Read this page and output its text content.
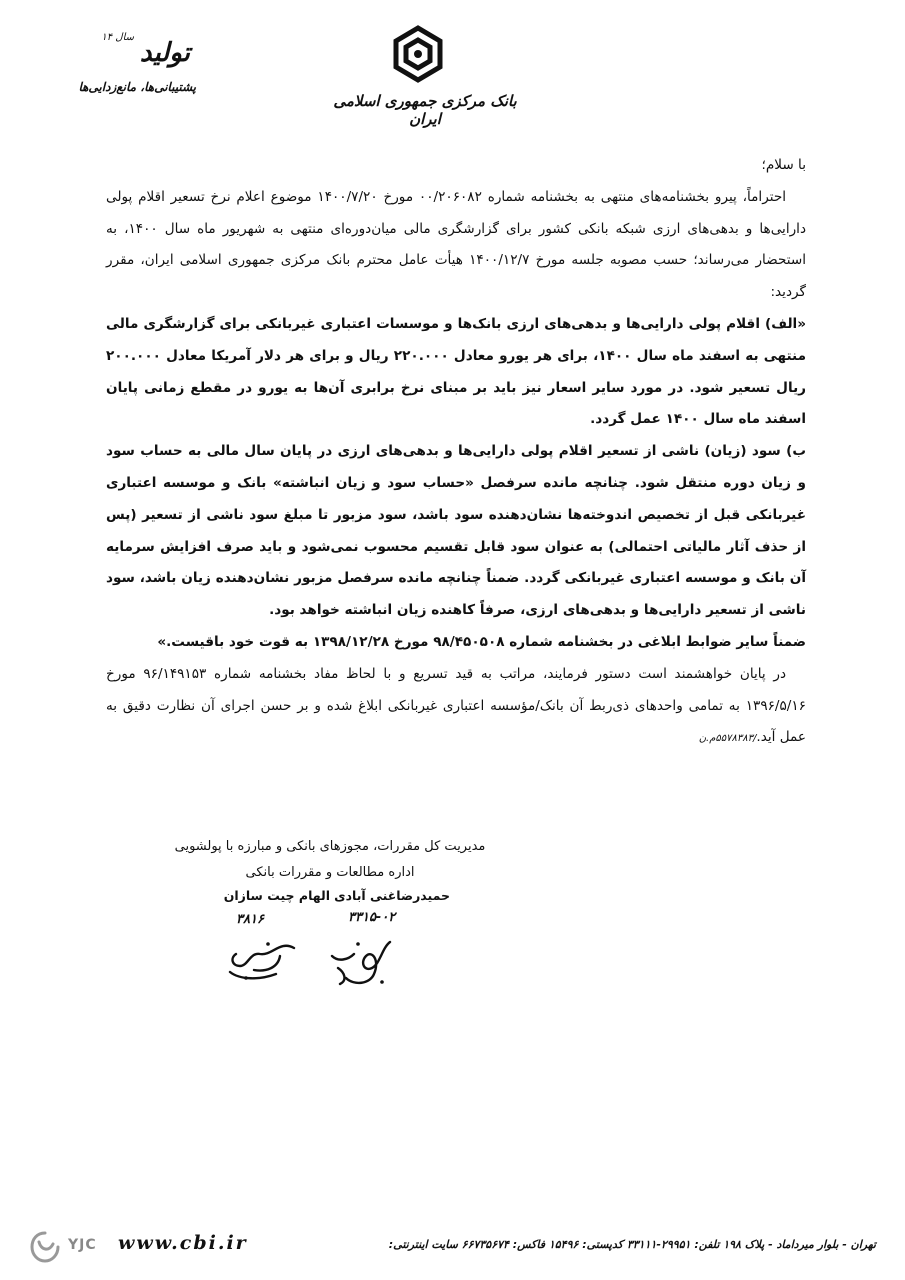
بانک مرکزی جمهوری اسلامی ایران
سال ۱۴
تولید
پشتیبانی‌ها، مانع‌زدایی‌ها

با سلام؛

احتراماً، پیرو بخشنامه‌های منتهی به بخشنامه شماره ۰۰/۲۰۶۰۸۲ مورخ ۱۴۰۰/۷/۲۰ موضوع اعلام نرخ تسعیر اقلام پولی دارایی‌ها و بدهی‌های ارزی شبکه بانکی کشور برای گزارشگری مالی میان‌دوره‌ای منتهی به شهریور ماه سال ۱۴۰۰، به استحضار می‌رساند؛ حسب مصوبه جلسه مورخ ۱۴۰۰/۱۲/۷ هیأت عامل محترم بانک مرکزی جمهوری اسلامی ایران، مقرر گردید:

«الف) اقلام پولی دارایی‌ها و بدهی‌های ارزی بانک‌ها و موسسات اعتباری غیربانکی برای گزارشگری مالی منتهی به اسفند ماه سال ۱۴۰۰، برای هر یورو معادل ۲۲۰.۰۰۰ ریال و برای هر دلار آمریکا معادل ۲۰۰.۰۰۰ ریال تسعیر شود. در مورد سایر اسعار نیز باید بر مبنای نرخ برابری آن‌ها به یورو در مقطع زمانی پایان اسفند ماه سال ۱۴۰۰ عمل گردد.

ب) سود (زیان) ناشی از تسعیر اقلام پولی دارایی‌ها و بدهی‌های ارزی در پایان سال مالی به حساب سود و زیان دوره منتقل شود. چنانچه مانده سرفصل «حساب سود و زیان انباشته» بانک و موسسه اعتباری غیربانکی قبل از تخصیص اندوخته‌ها نشان‌دهنده سود باشد، سود مزبور تا مبلغ سود ناشی از تسعیر (پس از حذف آثار مالیاتی احتمالی) به عنوان سود قابل تقسیم محسوب نمی‌شود و باید صرف افزایش سرمایه آن بانک و موسسه اعتباری غیربانکی گردد. ضمناً چنانچه مانده سرفصل مزبور نشان‌دهنده زیان باشد، سود ناشی از تسعیر دارایی‌ها و بدهی‌های ارزی، صرفاً کاهنده زیان انباشته خواهد بود.

ضمناً سایر ضوابط ابلاغی در بخشنامه شماره ۹۸/۴۵۰۵۰۸ مورخ ۱۳۹۸/۱۲/۲۸ به قوت خود باقیست.»

در پایان خواهشمند است دستور فرمایند، مراتب به قید تسریع و با لحاظ مفاد بخشنامه شماره ۹۶/۱۴۹۱۵۳ مورخ ۱۳۹۶/۵/۱۶ به تمامی واحدهای ذی‌ربط آن بانک/مؤسسه اعتباری غیربانکی ابلاغ شده و بر حسن اجرای آن نظارت دقیق به عمل آید./۵۵۷۸۳۸۳م.ن

مدیریت کل مقررات، مجوزهای بانکی و مبارزه با پولشویی

اداره مطالعات و مقررات بانکی

حمیدرضاغنی آبادی
الهام چیت سازان
۳۳۱۵-۰۲
۳۸۱۶
YJC www.cbi.ir	تهران - بلوار میرداماد - پلاک ۱۹۸ تلفن: ۲۹۹۵۱-۳۳۱۱۱ کدپستی: ۱۵۴۹۶ فاکس: ۶۶۷۳۵۶۷۴ سایت اینترنتی:
